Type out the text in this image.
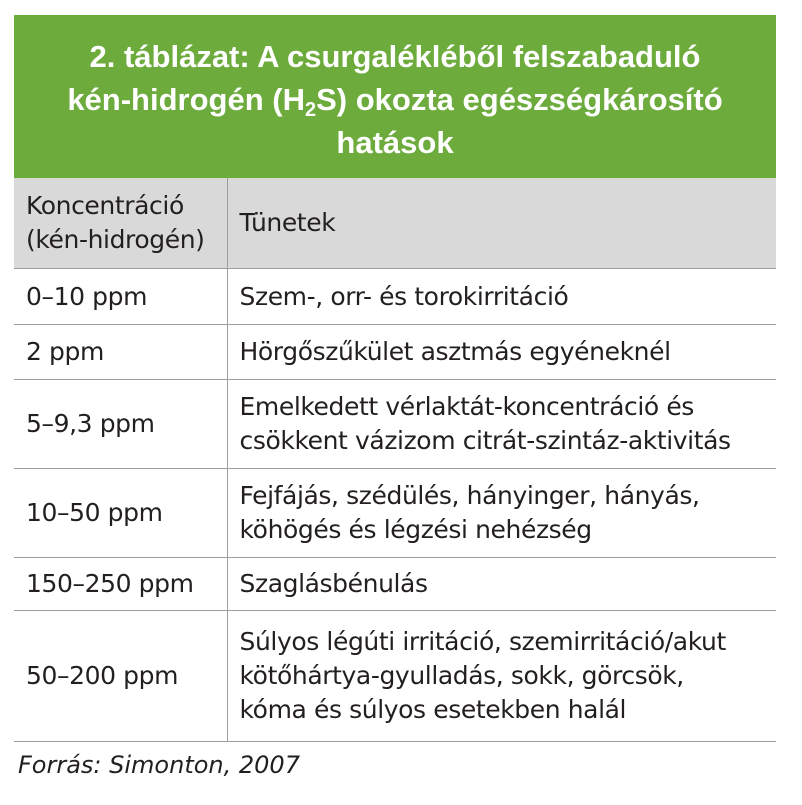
2. táblázat: A csurgalékléből felszabaduló
kén-hidrogén $(H_2S)$ okozta egészségkárosító
hatások
Koncentráció
(kén-hidrogén)	Tünetek
0–10 ppm	Szem-, orr- és torokirritáció

2 ppm	Hörgőszűkület asztmás egyéneknél

5–9,3 ppm	Emelkedett vérlaktát-koncentráció és
csökkent vázizom citrát-szintáz-aktivitás

10–50 ppm	Fejfájás, szédülés, hányinger, hányás,
köhögés és légzési nehézség

150–250 ppm	Szaglásbénulás

50–200 ppm	Súlyos légúti irritáció, szemirritáció/akut
kötőhártya-gyulladás, sokk, görcsök,
kóma és súlyos esetekben halál
Forrás: Simonton, 2007
